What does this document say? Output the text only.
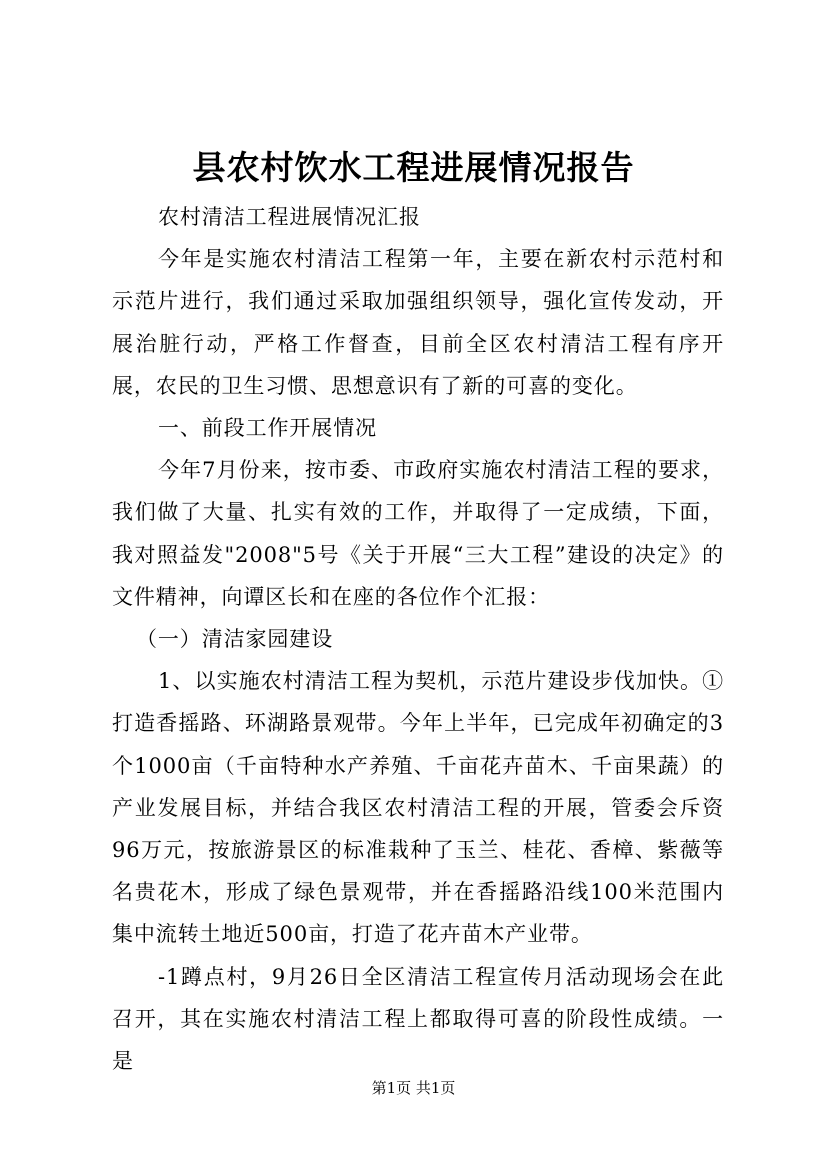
县农村饮水工程进展情况报告

农村清洁工程进展情况汇报

今年是实施农村清洁工程第一年，主要在新农村示范村和示范片进行，我们通过采取加强组织领导，强化宣传发动，开展治脏行动，严格工作督查，目前全区农村清洁工程有序开展，农民的卫生习惯、思想意识有了新的可喜的变化。

一、前段工作开展情况

今年7月份来，按市委、市政府实施农村清洁工程的要求，我们做了大量、扎实有效的工作，并取得了一定成绩，下面，我对照益发"2008"5号《关于开展“三大工程”建设的决定》的文件精神，向谭区长和在座的各位作个汇报：

（一）清洁家园建设

1、以实施农村清洁工程为契机，示范片建设步伐加快。①打造香摇路、环湖路景观带。今年上半年，已完成年初确定的3个1000亩（千亩特种水产养殖、千亩花卉苗木、千亩果蔬）的产业发展目标，并结合我区农村清洁工程的开展，管委会斥资96万元，按旅游景区的标准栽种了玉兰、桂花、香樟、紫薇等名贵花木，形成了绿色景观带，并在香摇路沿线100米范围内集中流转土地近500亩，打造了花卉苗木产业带。

-1蹲点村，9月26日全区清洁工程宣传月活动现场会在此召开，其在实施农村清洁工程上都取得可喜的阶段性成绩。一是

第1页 共1页
